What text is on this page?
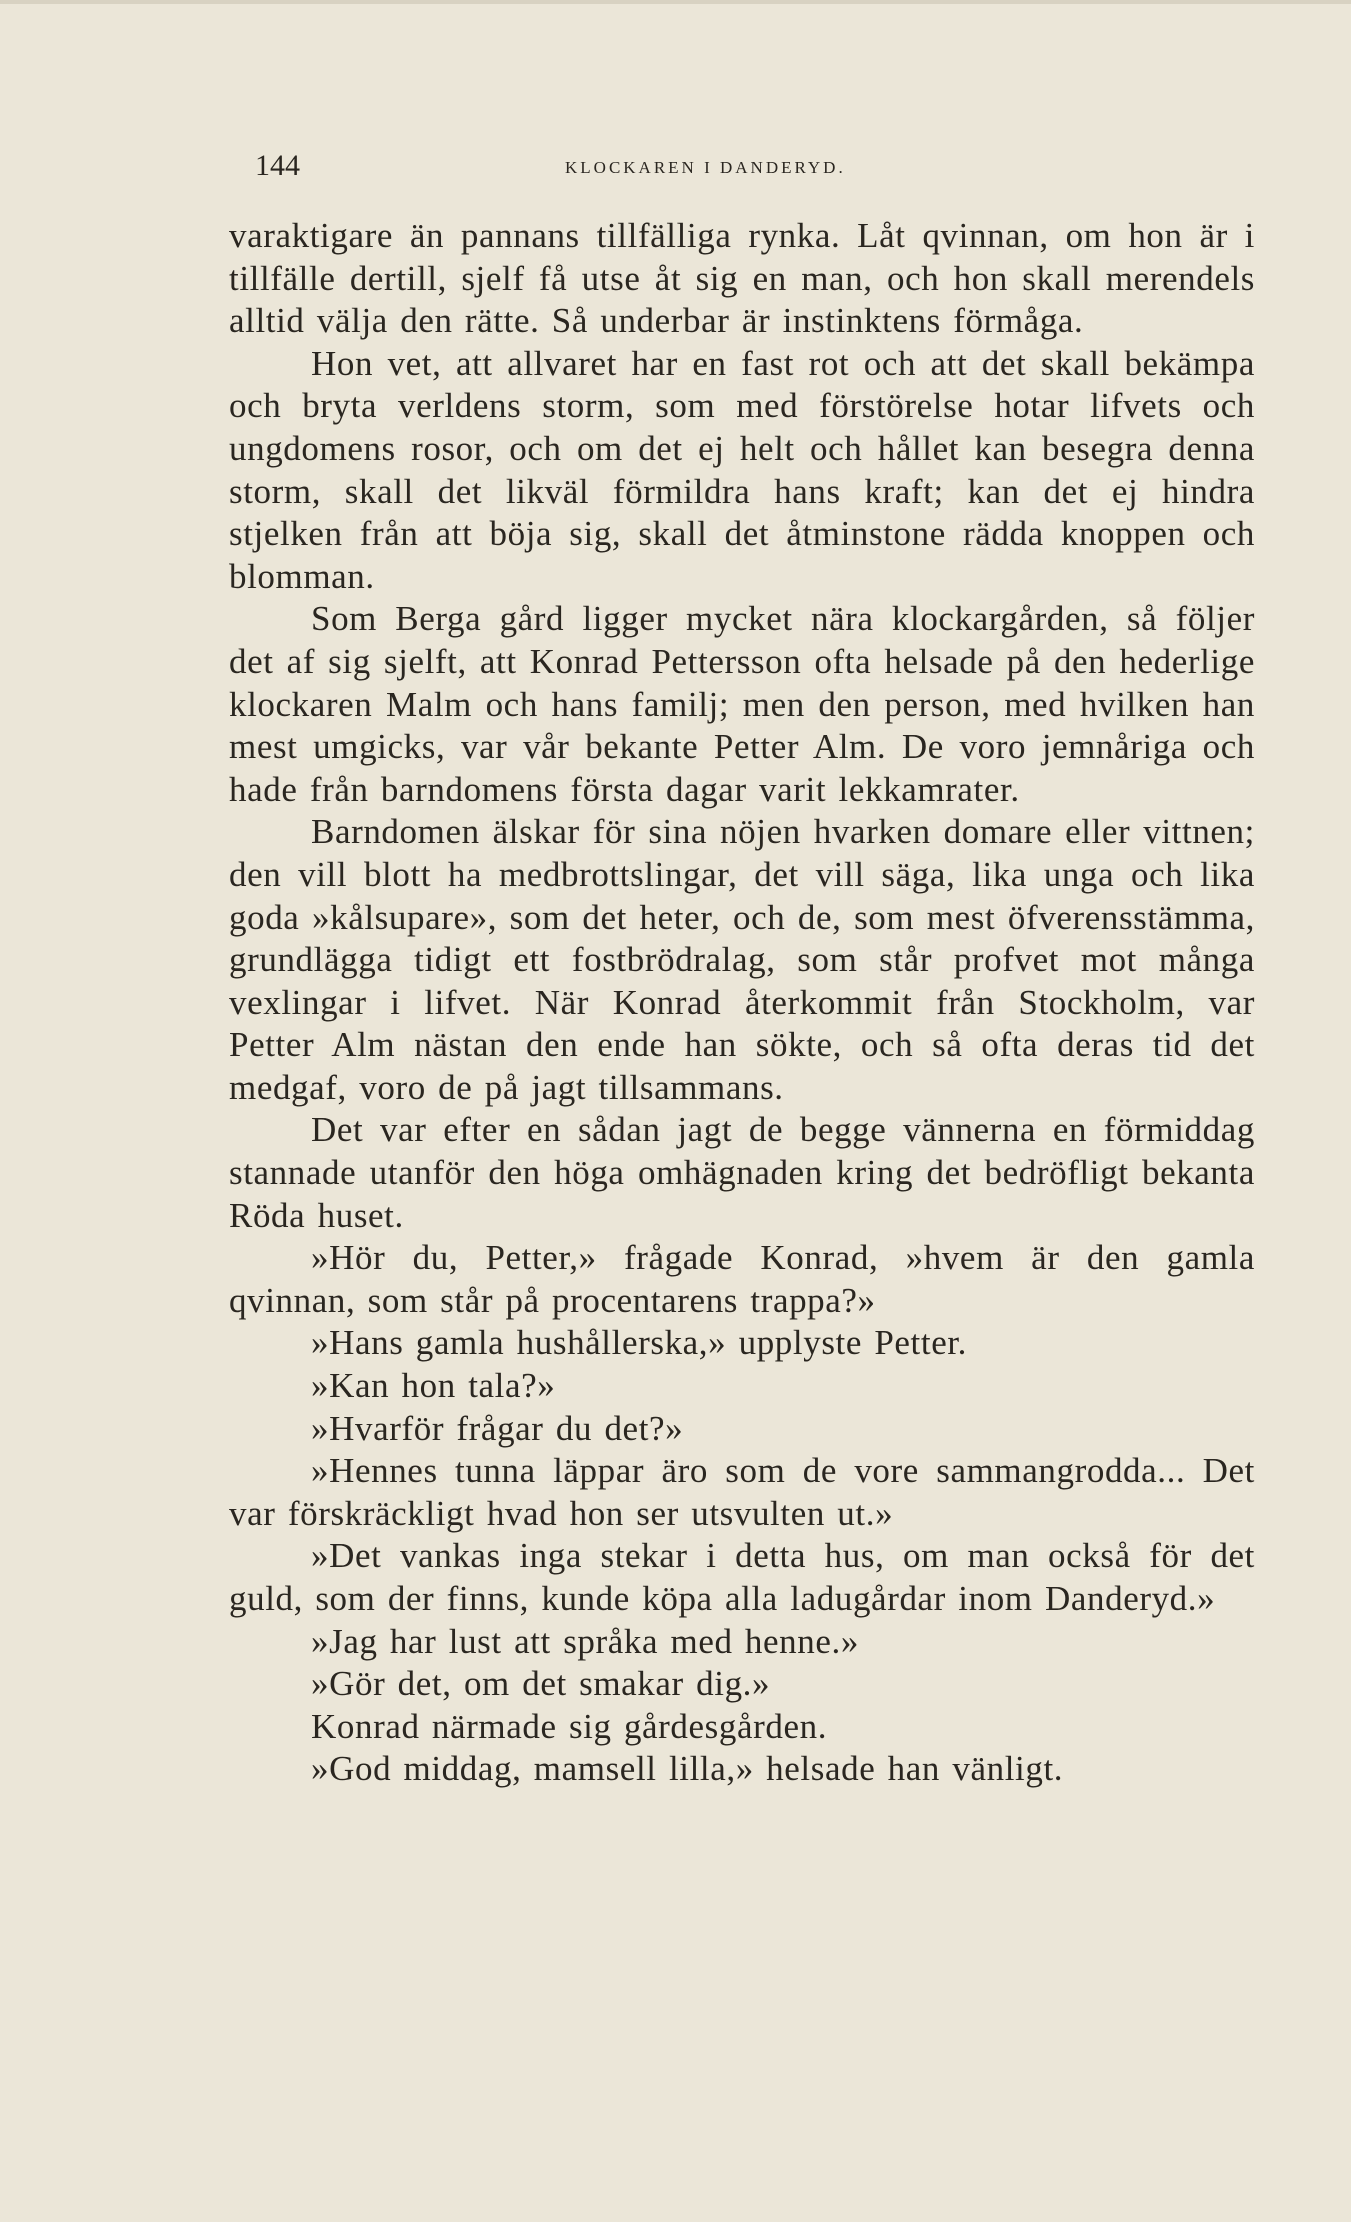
144	KLOCKAREN I DANDERYD.

varaktigare än pannans tillfälliga rynka. Låt qvinnan, om hon är i tillfälle dertill, sjelf få utse åt sig en man, och hon skall merendels alltid välja den rätte. Så underbar är instinktens förmåga.

Hon vet, att allvaret har en fast rot och att det skall bekämpa och bryta verldens storm, som med förstörelse hotar lifvets och ungdomens rosor, och om det ej helt och hållet kan besegra denna storm, skall det likväl förmildra hans kraft; kan det ej hindra stjelken från att böja sig, skall det åtminstone rädda knoppen och blomman.

Som Berga gård ligger mycket nära klockargården, så följer det af sig sjelft, att Konrad Pettersson ofta helsade på den hederlige klockaren Malm och hans familj; men den person, med hvilken han mest umgicks, var vår bekante Petter Alm. De voro jemnåriga och hade från barndomens första dagar varit lekkamrater.

Barndomen älskar för sina nöjen hvarken domare eller vittnen; den vill blott ha medbrottslingar, det vill säga, lika unga och lika goda »kålsupare», som det heter, och de, som mest öfverensstämma, grundlägga tidigt ett fostbrödralag, som står profvet mot många vexlingar i lifvet. När Konrad återkommit från Stockholm, var Petter Alm nästan den ende han sökte, och så ofta deras tid det medgaf, voro de på jagt tillsammans.

Det var efter en sådan jagt de begge vännerna en förmiddag stannade utanför den höga omhägnaden kring det bedröfligt bekanta Röda huset.

»Hör du, Petter,» frågade Konrad, »hvem är den gamla qvinnan, som står på procentarens trappa?»

»Hans gamla hushållerska,» upplyste Petter.

»Kan hon tala?»

»Hvarför frågar du det?»

»Hennes tunna läppar äro som de vore sammangrodda... Det var förskräckligt hvad hon ser utsvulten ut.»

»Det vankas inga stekar i detta hus, om man också för det guld, som der finns, kunde köpa alla ladugårdar inom Danderyd.»

»Jag har lust att språka med henne.»

»Gör det, om det smakar dig.»

Konrad närmade sig gårdesgården.

»God middag, mamsell lilla,» helsade han vänligt.
